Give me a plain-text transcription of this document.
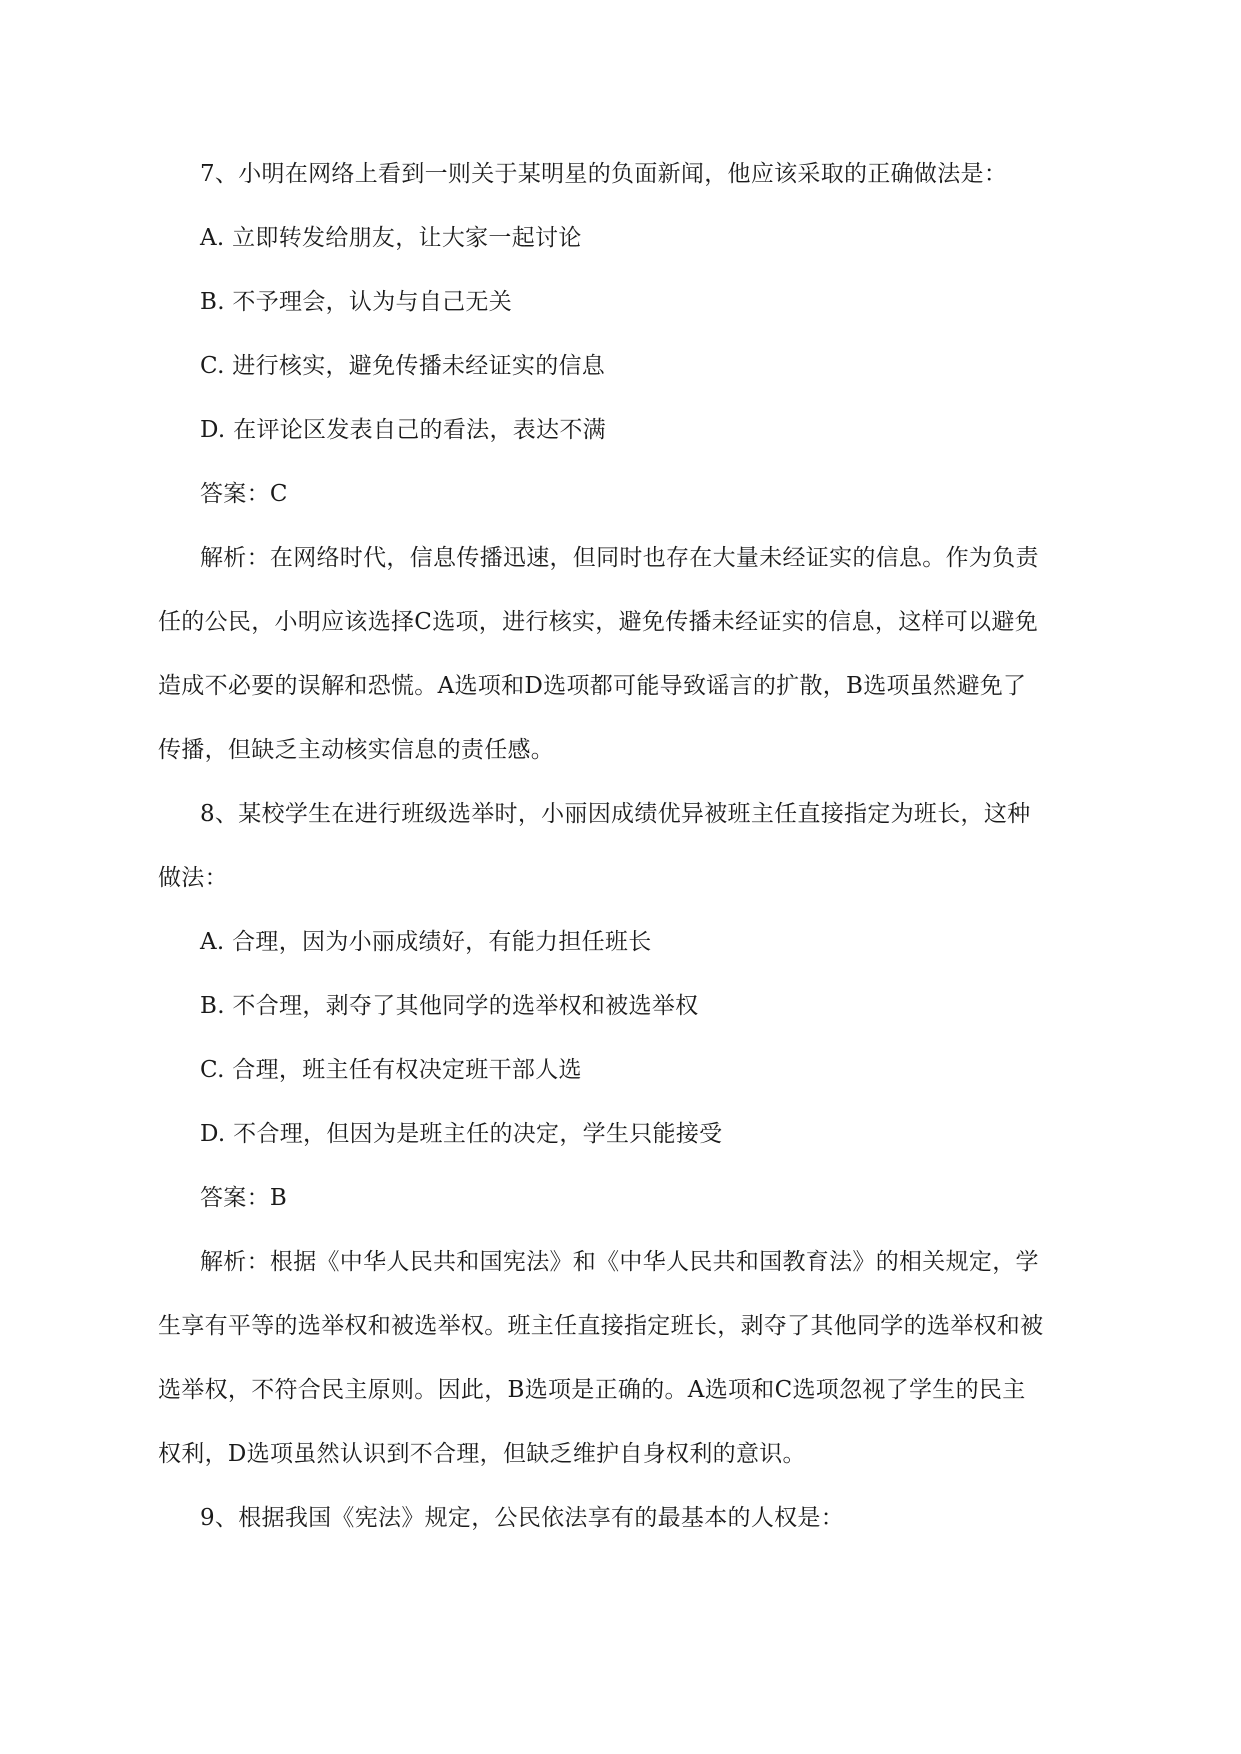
7、小明在网络上看到一则关于某明星的负面新闻，他应该采取的正确做法是：
A. 立即转发给朋友，让大家一起讨论
B. 不予理会，认为与自己无关
C. 进行核实，避免传播未经证实的信息
D. 在评论区发表自己的看法，表达不满
答案：C
解析：在网络时代，信息传播迅速，但同时也存在大量未经证实的信息。作为负责
任的公民，小明应该选择C选项，进行核实，避免传播未经证实的信息，这样可以避免
造成不必要的误解和恐慌。A选项和D选项都可能导致谣言的扩散，B选项虽然避免了
传播，但缺乏主动核实信息的责任感。
8、某校学生在进行班级选举时，小丽因成绩优异被班主任直接指定为班长，这种
做法：
A. 合理，因为小丽成绩好，有能力担任班长
B. 不合理，剥夺了其他同学的选举权和被选举权
C. 合理，班主任有权决定班干部人选
D. 不合理，但因为是班主任的决定，学生只能接受
答案：B
解析：根据《中华人民共和国宪法》和《中华人民共和国教育法》的相关规定，学
生享有平等的选举权和被选举权。班主任直接指定班长，剥夺了其他同学的选举权和被
选举权，不符合民主原则。因此，B选项是正确的。A选项和C选项忽视了学生的民主
权利，D选项虽然认识到不合理，但缺乏维护自身权利的意识。
9、根据我国《宪法》规定，公民依法享有的最基本的人权是：
